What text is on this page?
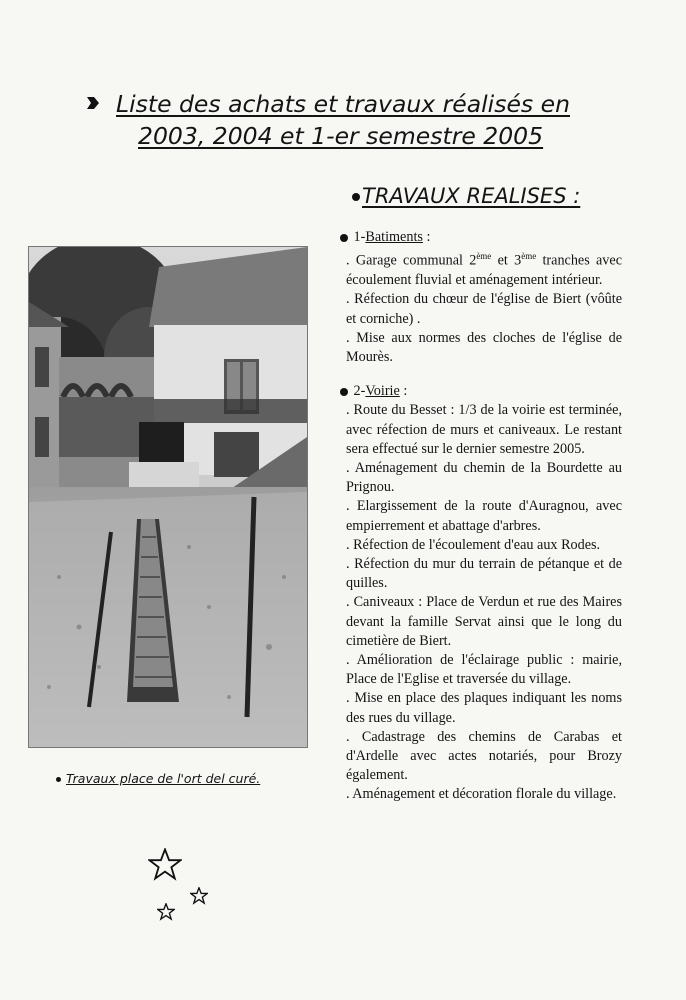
Liste des achats et travaux réalisés en
2003, 2004 et 1-er semestre 2005
TRAVAUX REALISES :
Travaux place de l'ort del curé.
1-Batiments :

. Garage communal 2ème et 3ème tranches avec écoulement fluvial et aménagement intérieur.

. Réfection du chœur de l'église de Biert (vôûte et corniche) .

. Mise aux normes des cloches de l'église de Mourès.

2-Voirie :

. Route du Besset : 1/3 de la voirie est terminée, avec réfection de murs et caniveaux. Le restant sera effectué sur le dernier semestre 2005.

. Aménagement du chemin de la Bourdette au Prignou.

. Elargissement de la route d'Auragnou, avec empierrement et abattage d'arbres.

. Réfection de l'écoulement d'eau aux Rodes.

. Réfection du mur du terrain de pétanque et de quilles.

. Caniveaux : Place de Verdun et rue des Maires devant la famille Servat ainsi que le long du cimetière de Biert.

. Amélioration de l'éclairage public : mairie, Place de l'Eglise et traversée du village.

. Mise en place des plaques indiquant les noms des rues du village.

. Cadastrage des chemins de Carabas et d'Ardelle avec actes notariés, pour Brozy également.

. Aménagement et décoration florale du village.
